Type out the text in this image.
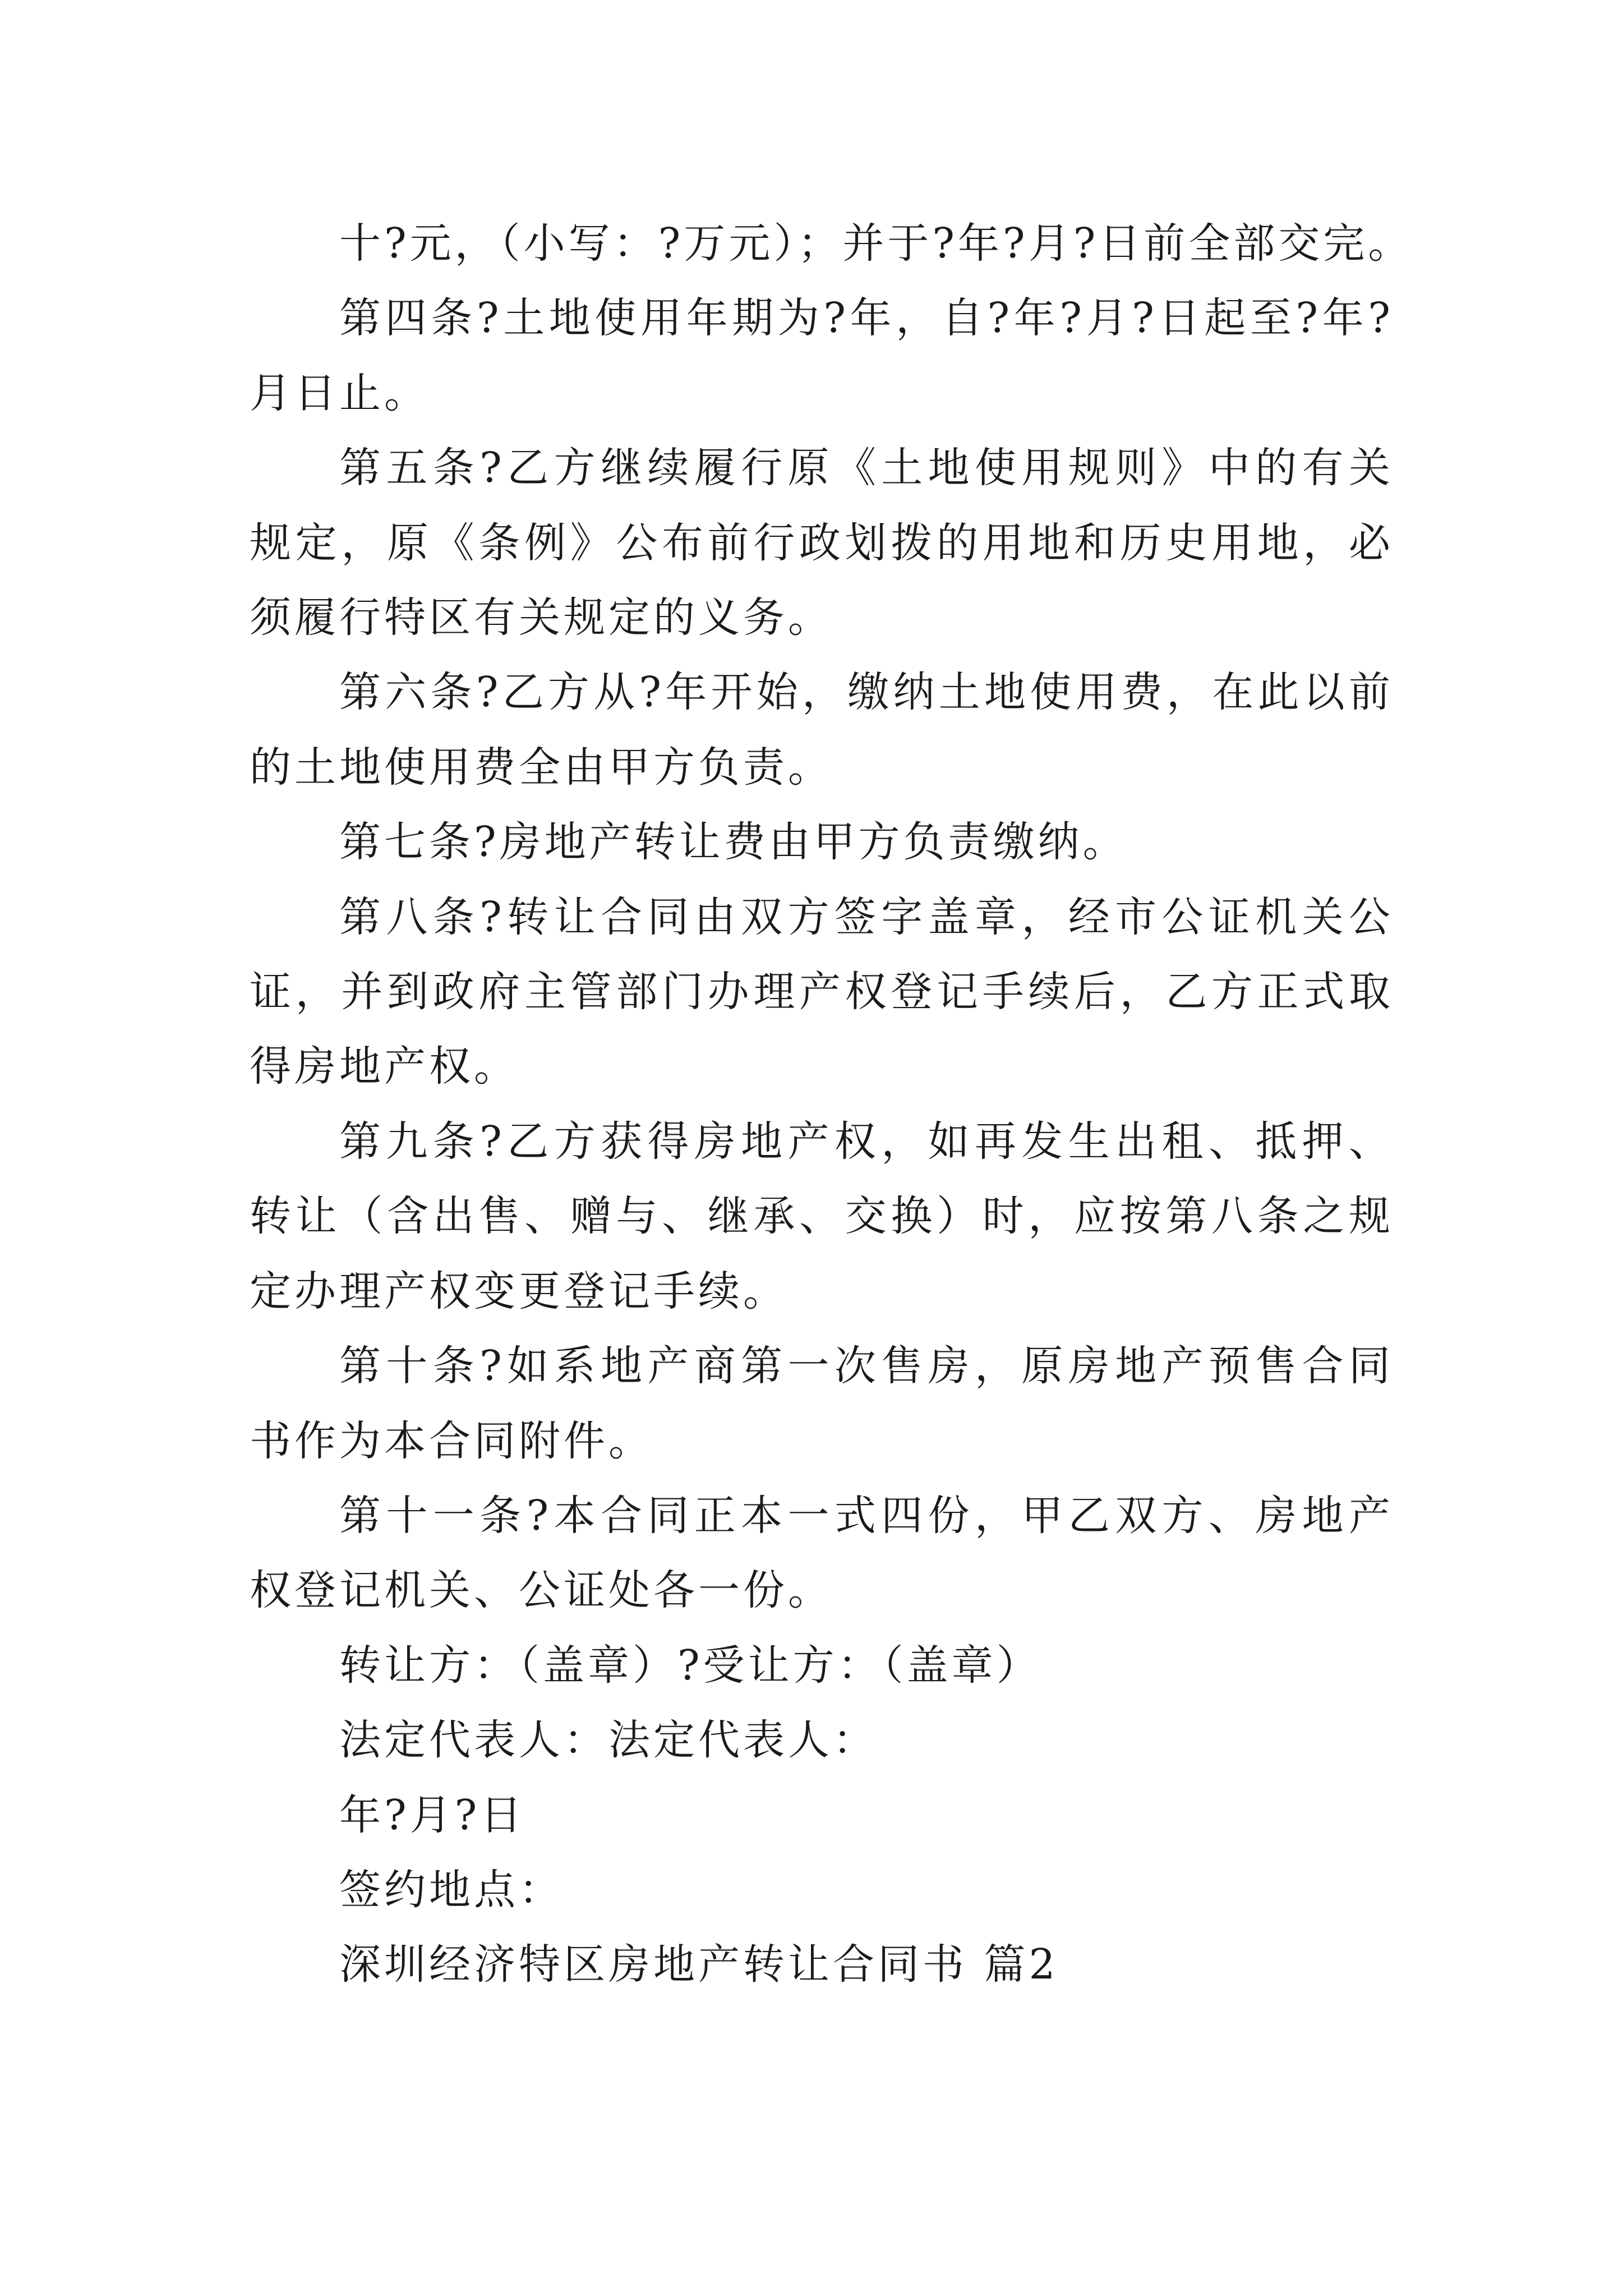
十?元，（小写：?万元）；并于?年?月?日前全部交完。

第四条?土地使用年期为?年，自?年?月?日起至?年?月日止。

第五条?乙方继续履行原《土地使用规则》中的有关规定，原《条例》公布前行政划拨的用地和历史用地，必须履行特区有关规定的义务。

第六条?乙方从?年开始，缴纳土地使用费，在此以前的土地使用费全由甲方负责。

第七条?房地产转让费由甲方负责缴纳。

第八条?转让合同由双方签字盖章，经市公证机关公证，并到政府主管部门办理产权登记手续后，乙方正式取得房地产权。

第九条?乙方获得房地产权，如再发生出租、抵押、转让（含出售、赠与、继承、交换）时，应按第八条之规定办理产权变更登记手续。

第十条?如系地产商第一次售房，原房地产预售合同书作为本合同附件。

第十一条?本合同正本一式四份，甲乙双方、房地产权登记机关、公证处各一份。

转让方：（盖章）?受让方：（盖章）

法定代表人：法定代表人：

年?月?日

签约地点：

深圳经济特区房地产转让合同书 篇2
